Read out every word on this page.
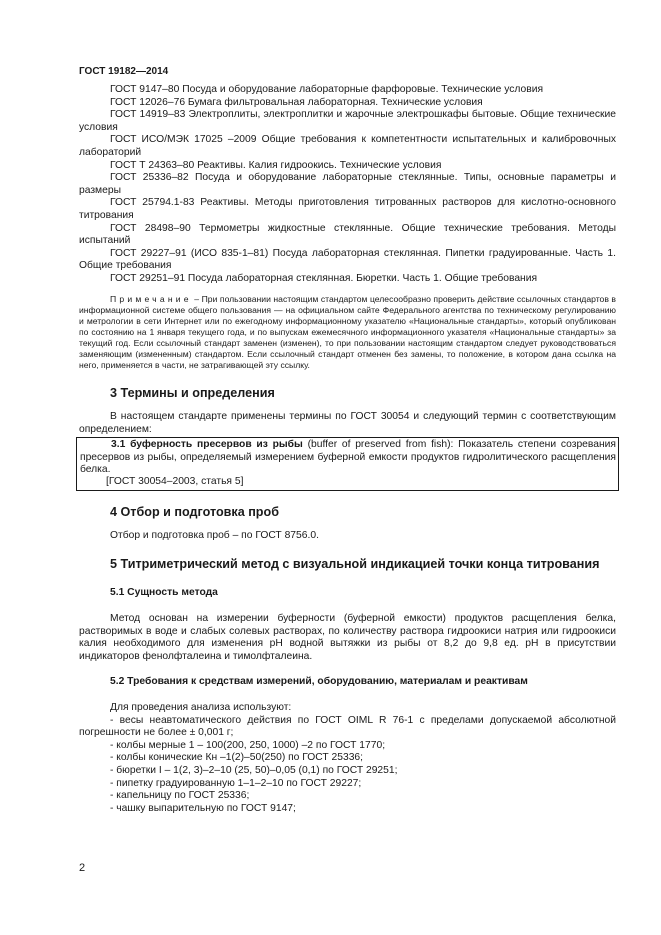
ГОСТ 19182—2014

ГОСТ 9147–80 Посуда и оборудование лабораторные фарфоровые. Технические условия

ГОСТ 12026–76 Бумага фильтровальная лабораторная. Технические условия

ГОСТ 14919–83 Электроплиты, электроплитки и жарочные электрошкафы бытовые. Общие технические условия

ГОСТ ИСО/МЭК 17025 –2009 Общие требования к компетентности испытательных и калибровочных лабораторий

ГОСТ Т 24363–80 Реактивы. Калия гидроокись. Технические условия

ГОСТ 25336–82 Посуда и оборудование лабораторные стеклянные. Типы, основные параметры и размеры

ГОСТ 25794.1-83 Реактивы. Методы приготовления титрованных растворов для кислотно-основного титрования

ГОСТ 28498–90 Термометры жидкостные стеклянные. Общие технические требования. Методы испытаний

ГОСТ 29227–91 (ИСО 835-1–81) Посуда лабораторная стеклянная. Пипетки градуированные. Часть 1. Общие требования

ГОСТ 29251–91 Посуда лабораторная стеклянная. Бюретки. Часть 1. Общие требования

Примечание – При пользовании настоящим стандартом целесообразно проверить действие ссылочных стандартов в информационной системе общего пользования — на официальном сайте Федерального агентства по техническому регулированию и метрологии в сети Интернет или по ежегодному информационному указателю «Национальные стандарты», который опубликован по состоянию на 1 января текущего года, и по выпускам ежемесячного информационного указателя «Национальные стандарты» за текущий год. Если ссылочный стандарт заменен (изменен), то при пользовании настоящим стандартом следует руководствоваться заменяющим (измененным) стандартом. Если ссылочный стандарт отменен без замены, то положение, в котором дана ссылка на него, применяется в части, не затрагивающей эту ссылку.

3 Термины и определения

В настоящем стандарте применены термины по ГОСТ 30054 и следующий термин с соответствующим определением:

3.1 буферность пресервов из рыбы (buffer of preserved from fish): Показатель степени созревания пресервов из рыбы, определяемый измерением буферной емкости продуктов гидролитического расщепления белка.

[ГОСТ 30054–2003, статья 5]

4 Отбор и подготовка проб

Отбор и подготовка проб – по ГОСТ 8756.0.

5 Титриметрический метод с визуальной индикацией точки конца титрования
5.1 Сущность метода

Метод основан на измерении буферности (буферной емкости) продуктов расщепления белка, растворимых в воде и слабых солевых растворах, по количеству раствора гидроокиси натрия или гидроокиси калия необходимого для изменения pH водной вытяжки из рыбы от 8,2 до 9,8 ед. pH в присутствии индикаторов фенолфталеина и тимолфталеина.

5.2 Требования к средствам измерений, оборудованию, материалам и реактивам

Для проведения анализа используют:

- весы неавтоматического действия по ГОСТ OIML R 76-1 с пределами допускаемой абсолютной погрешности не более ± 0,001 г;

- колбы мерные 1 – 100(200, 250, 1000) –2 по ГОСТ 1770;

- колбы конические Кн –1(2)–50(250) по ГОСТ 25336;

- бюретки I – 1(2, 3)–2–10 (25, 50)–0,05 (0,1) по ГОСТ 29251;

- пипетку градуированную 1–1–2–10 по ГОСТ 29227;

- капельницу по ГОСТ 25336;

- чашку выпарительную по ГОСТ 9147;

2
